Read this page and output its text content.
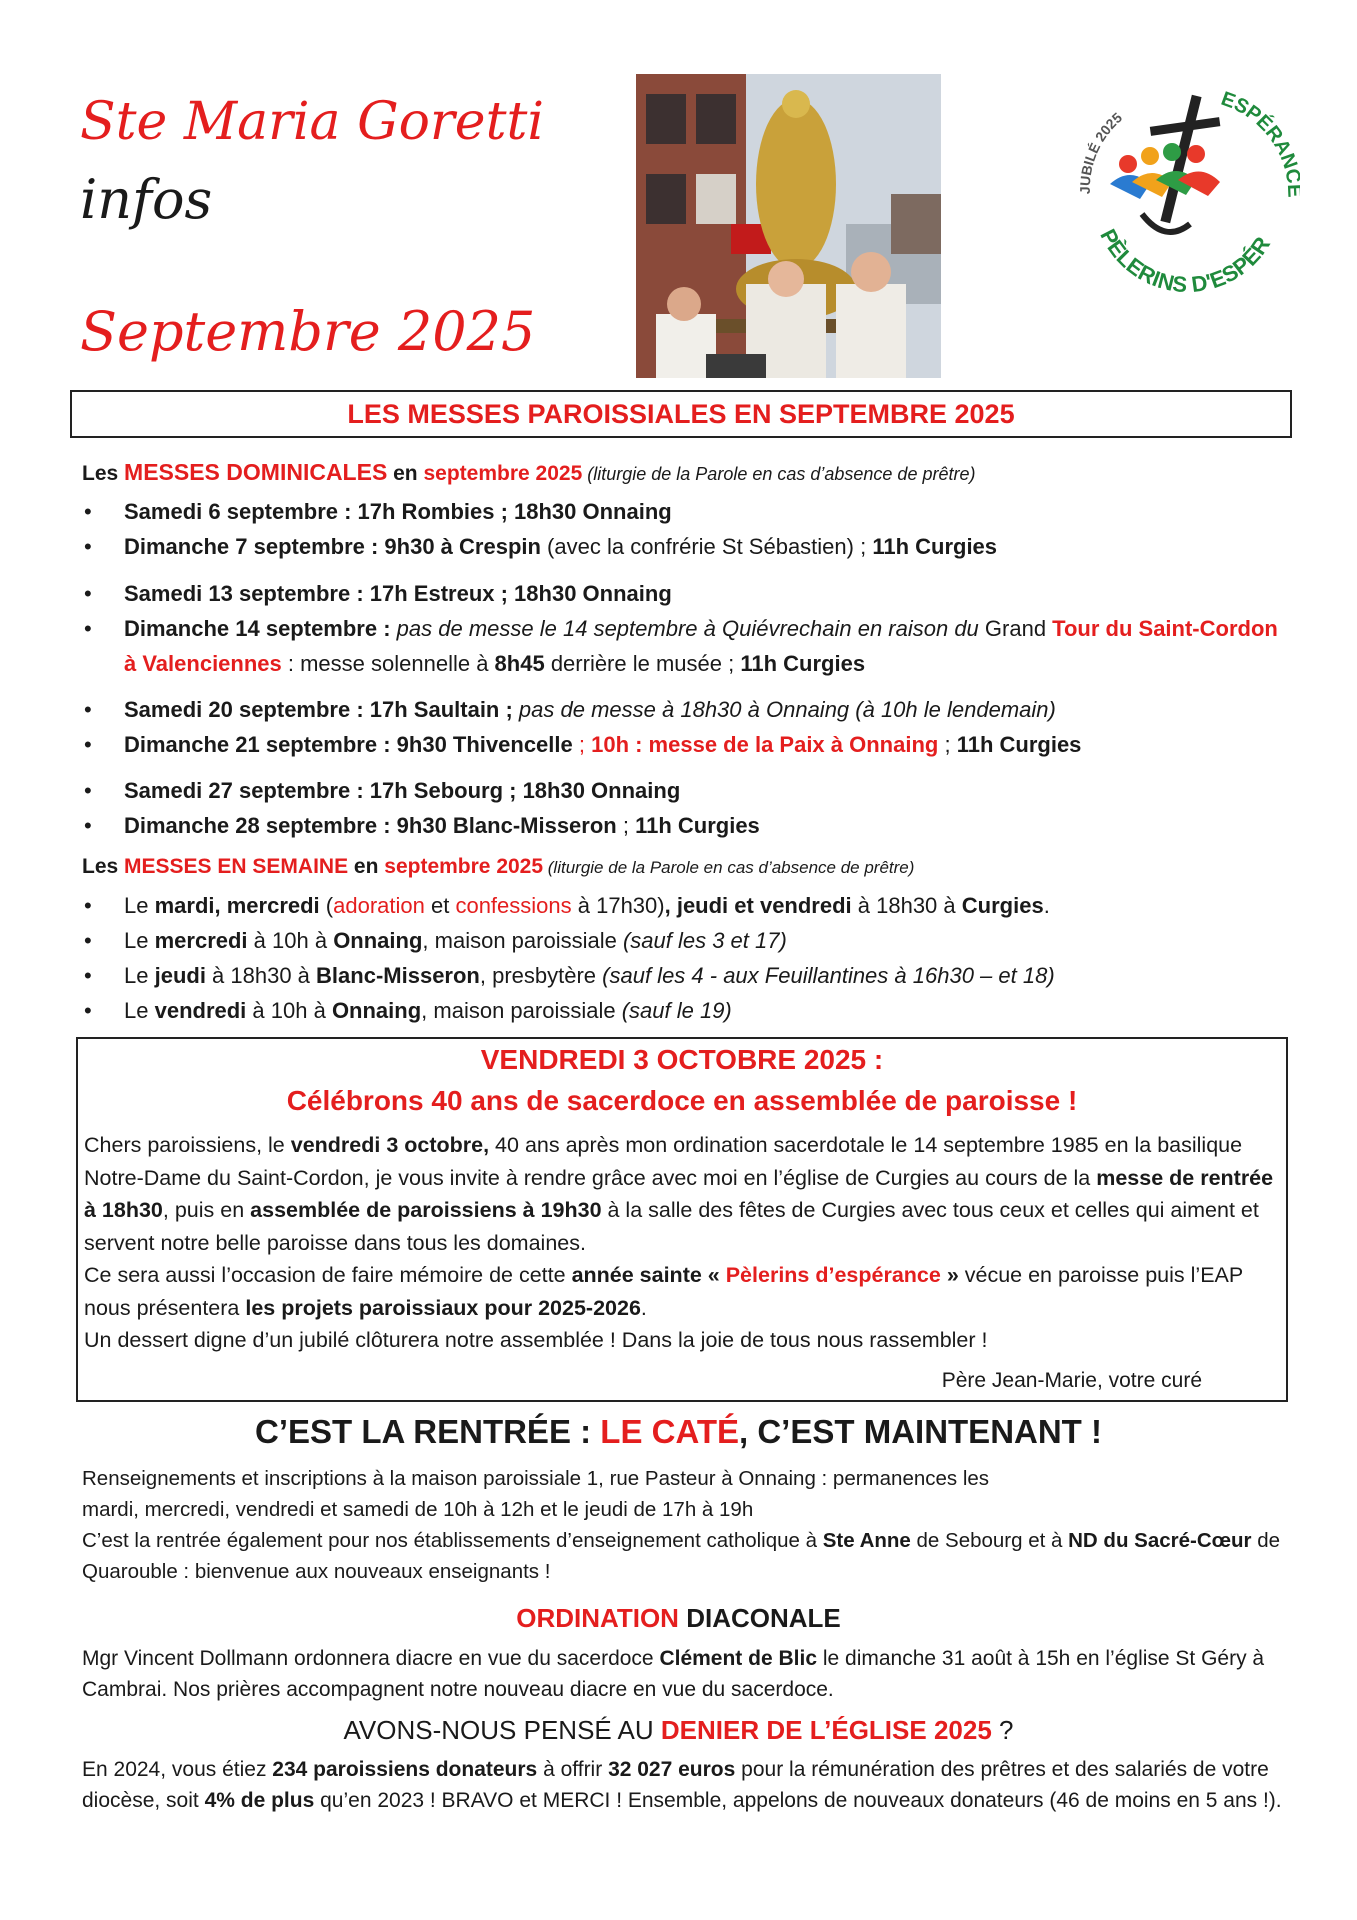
Ste Maria Goretti
infos
Septembre 2025
JUBILÉ 2025
ESPÉRAN
PÈLERINS D'ESPÉR
LES MESSES PAROISSIALES EN SEPTEMBRE 2025
Les MESSES DOMINICALES en septembre 2025 (liturgie de la Parole en cas d’absence de prêtre)
• Samedi 6 septembre : 17h Rombies ; 18h30 Onnaing
• Dimanche 7 septembre : 9h30 à Crespin (avec la confrérie St Sébastien) ; 11h Curgies
• Samedi 13 septembre : 17h Estreux ; 18h30 Onnaing
• Dimanche 14 septembre : pas de messe le 14 septembre à Quiévrechain en raison du Grand Tour du Saint-Cordon à Valenciennes : messe solennelle à 8h45 derrière le musée ; 11h Curgies
• Samedi 20 septembre : 17h Saultain ; pas de messe à 18h30 à Onnaing (à 10h le lendemain)
• Dimanche 21 septembre : 9h30 Thivencelle ; 10h : messe de la Paix à Onnaing ; 11h Curgies
• Samedi 27 septembre : 17h Sebourg ; 18h30 Onnaing
• Dimanche 28 septembre : 9h30 Blanc-Misseron ; 11h Curgies
Les MESSES EN SEMAINE en septembre 2025 (liturgie de la Parole en cas d’absence de prêtre)
• Le mardi, mercredi (adoration et confessions à 17h30), jeudi et vendredi à 18h30 à Curgies.
• Le mercredi à 10h à Onnaing, maison paroissiale (sauf les 3 et 17)
• Le jeudi à 18h30 à Blanc-Misseron, presbytère (sauf les 4 - aux Feuillantines à 16h30 – et 18)
• Le vendredi à 10h à Onnaing, maison paroissiale (sauf le 19)
VENDREDI 3 OCTOBRE 2025 :
Célébrons 40 ans de sacerdoce en assemblée de paroisse !
Chers paroissiens, le vendredi 3 octobre, 40 ans après mon ordination sacerdotale le 14 septembre 1985 en la basilique Notre-Dame du Saint-Cordon, je vous invite à rendre grâce avec moi en l’église de Curgies au cours de la messe de rentrée à 18h30, puis en assemblée de paroissiens à 19h30 à la salle des fêtes de Curgies avec tous ceux et celles qui aiment et servent notre belle paroisse dans tous les domaines.
Ce sera aussi l’occasion de faire mémoire de cette année sainte « Pèlerins d’espérance » vécue en paroisse puis l’EAP nous présentera les projets paroissiaux pour 2025-2026.
Un dessert digne d’un jubilé clôturera notre assemblée ! Dans la joie de tous nous rassembler !
Père Jean-Marie, votre curé
C’EST LA RENTRÉE : LE CATÉ, C’EST MAINTENANT !
Renseignements et inscriptions à la maison paroissiale 1, rue Pasteur à Onnaing : permanences les
mardi, mercredi, vendredi et samedi de 10h à 12h et le jeudi de 17h à 19h
C’est la rentrée également pour nos établissements d’enseignement catholique à Ste Anne de Sebourg et à ND du Sacré-Cœur de Quarouble : bienvenue aux nouveaux enseignants !
ORDINATION DIACONALE
Mgr Vincent Dollmann ordonnera diacre en vue du sacerdoce Clément de Blic le dimanche 31 août à 15h en l’église St Géry à Cambrai. Nos prières accompagnent notre nouveau diacre en vue du sacerdoce.
AVONS-NOUS PENSÉ AU DENIER DE L’ÉGLISE 2025 ?
En 2024, vous étiez 234 paroissiens donateurs à offrir 32 027 euros pour la rémunération des prêtres et des salariés de votre diocèse, soit 4% de plus qu’en 2023 ! BRAVO et MERCI ! Ensemble, appelons de nouveaux donateurs (46 de moins en 5 ans !).
